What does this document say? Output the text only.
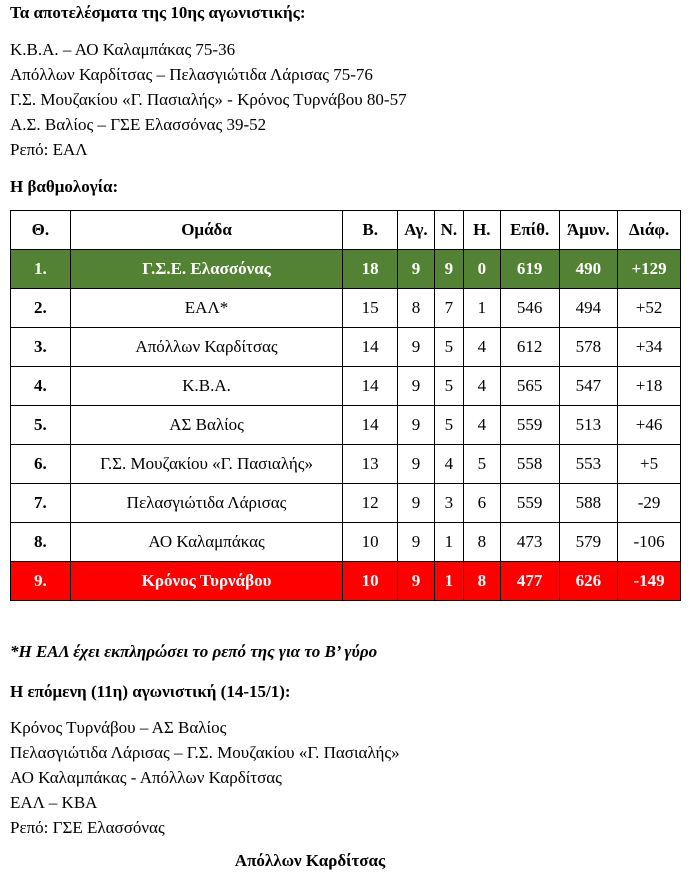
Τα αποτελέσματα της 10ης αγωνιστικής:

Κ.Β.Α. – ΑΟ Καλαμπάκας 75-36

Απόλλων Καρδίτσας – Πελασγιώτιδα Λάρισας 75-76

Γ.Σ. Μουζακίου «Γ. Πασιαλής» - Κρόνος Τυρνάβου 80-57

Α.Σ. Βαλίος – ΓΣΕ Ελασσόνας 39-52

Ρεπό: ΕΑΛ

Η βαθμολογία:

Θ.	Ομάδα	Β.	Αγ.	Ν.	Η.	Επίθ.	Άμυν.	Διάφ.
1.	Γ.Σ.Ε. Ελασσόνας	18	9	9	0	619	490	+129
2.	ΕΑΛ*	15	8	7	1	546	494	+52
3.	Απόλλων Καρδίτσας	14	9	5	4	612	578	+34
4.	Κ.Β.Α.	14	9	5	4	565	547	+18
5.	ΑΣ Βαλίος	14	9	5	4	559	513	+46
6.	Γ.Σ. Μουζακίου «Γ. Πασιαλής»	13	9	4	5	558	553	+5
7.	Πελασγιώτιδα Λάρισας	12	9	3	6	559	588	-29
8.	ΑΟ Καλαμπάκας	10	9	1	8	473	579	-106
9.	Κρόνος Τυρνάβου	10	9	1	8	477	626	-149

*Η ΕΑΛ έχει εκπληρώσει το ρεπό της για το Β’ γύρο

Η επόμενη (11η) αγωνιστική (14-15/1):

Κρόνος Τυρνάβου – ΑΣ Βαλίος

Πελασγιώτιδα Λάρισας – Γ.Σ. Μουζακίου «Γ. Πασιαλής»

ΑΟ Καλαμπάκας - Απόλλων Καρδίτσας

ΕΑΛ – ΚΒΑ

Ρεπό: ΓΣΕ Ελασσόνας

Απόλλων Καρδίτσας
